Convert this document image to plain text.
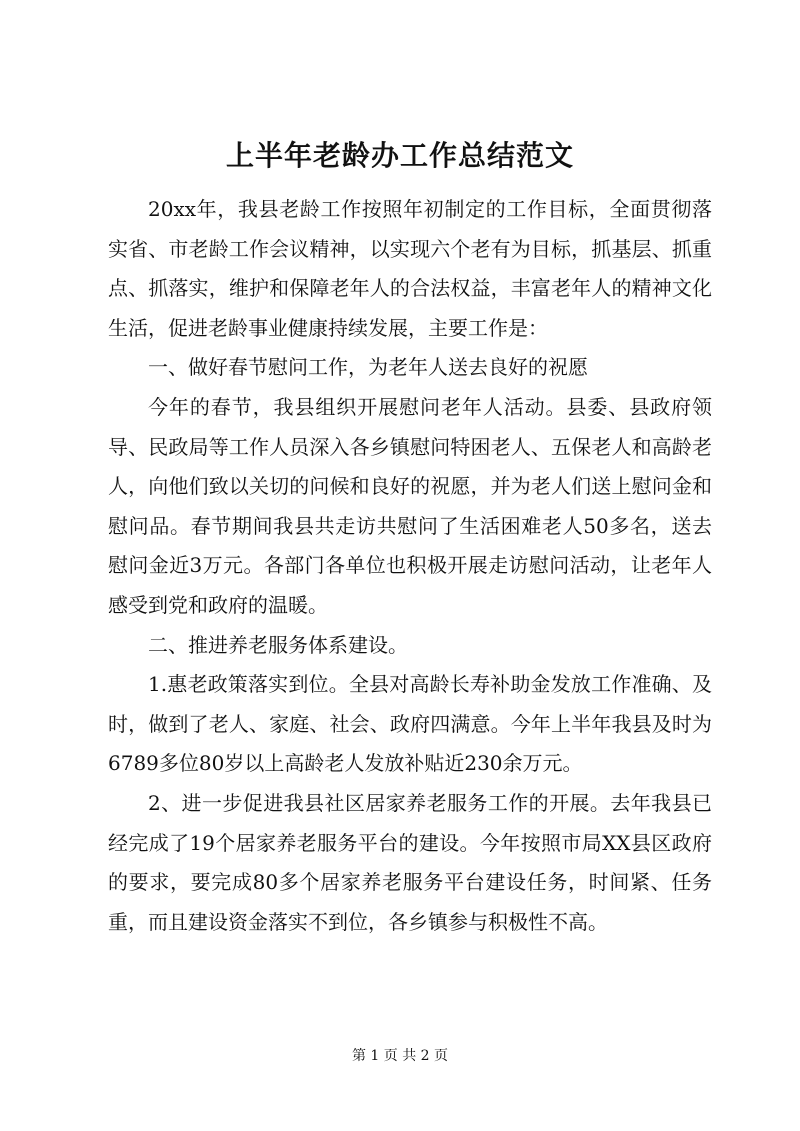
上半年老龄办工作总结范文

20xx年，我县老龄工作按照年初制定的工作目标，全面贯彻落实省、市老龄工作会议精神，以实现六个老有为目标，抓基层、抓重点、抓落实，维护和保障老年人的合法权益，丰富老年人的精神文化生活，促进老龄事业健康持续发展，主要工作是：

一、做好春节慰问工作，为老年人送去良好的祝愿

今年的春节，我县组织开展慰问老年人活动。县委、县政府领导、民政局等工作人员深入各乡镇慰问特困老人、五保老人和高龄老人，向他们致以关切的问候和良好的祝愿，并为老人们送上慰问金和慰问品。春节期间我县共走访共慰问了生活困难老人50多名，送去慰问金近3万元。各部门各单位也积极开展走访慰问活动，让老年人感受到党和政府的温暖。

二、推进养老服务体系建设。

1.惠老政策落实到位。全县对高龄长寿补助金发放工作准确、及时，做到了老人、家庭、社会、政府四满意。今年上半年我县及时为6789多位80岁以上高龄老人发放补贴近230余万元。

2、进一步促进我县社区居家养老服务工作的开展。去年我县已经完成了19个居家养老服务平台的建设。今年按照市局XX县区政府的要求，要完成80多个居家养老服务平台建设任务，时间紧、任务重，而且建设资金落实不到位，各乡镇参与积极性不高。

第 1 页 共 2 页
